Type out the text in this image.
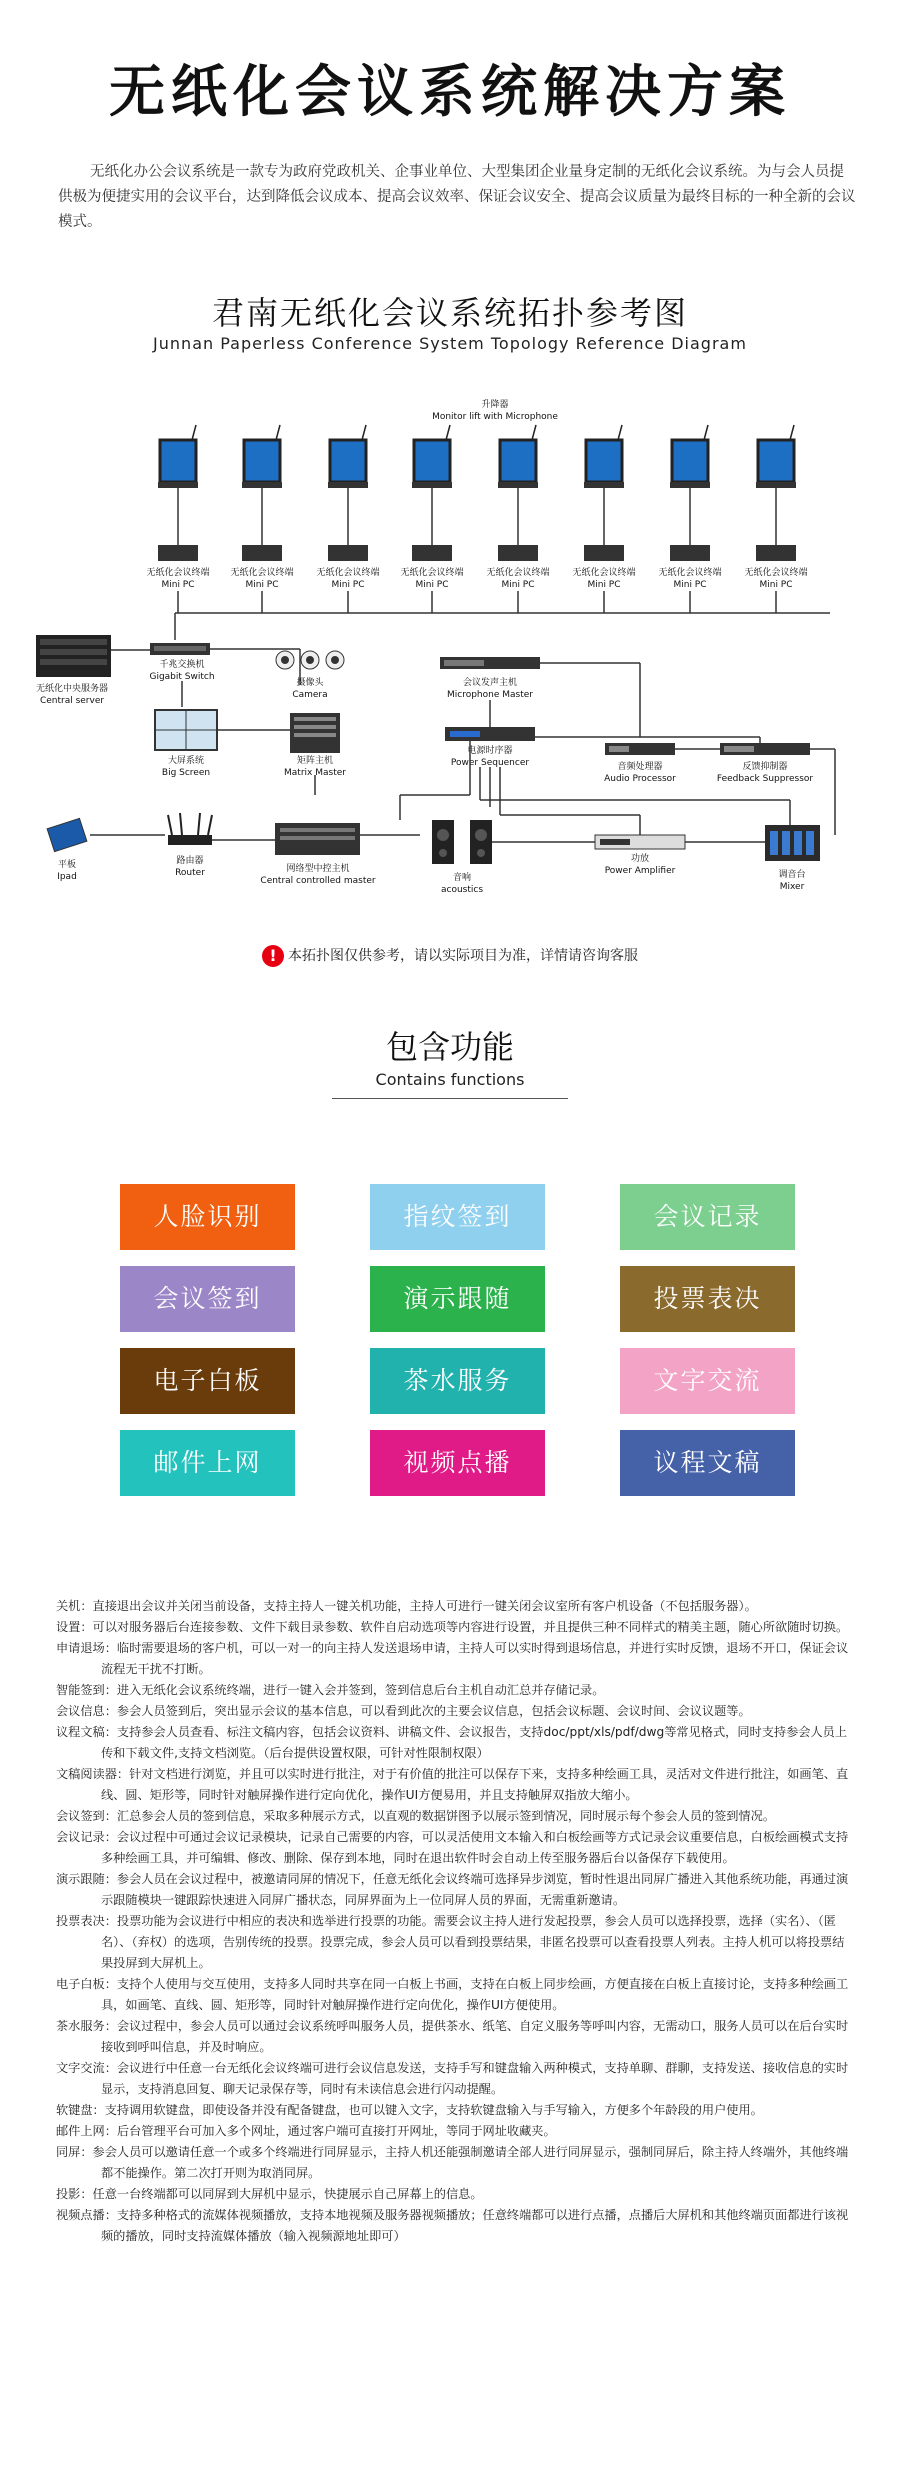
无纸化会议系统解决方案
无纸化办公会议系统是一款专为政府党政机关、企事业单位、大型集团企业量身定制的无纸化会议系统。为与会人员提供极为便捷实用的会议平台，达到降低会议成本、提高会议效率、保证会议安全、提高会议质量为最终目标的一种全新的会议模式。
君南无纸化会议系统拓扑参考图
Junnan Paperless Conference System Topology Reference Diagram
升降器
Monitor lift with Microphone
无纸化会议终端
Mini PC
无纸化会议终端
Mini PC
无纸化会议终端
Mini PC
无纸化会议终端
Mini PC
无纸化会议终端
Mini PC
无纸化会议终端
Mini PC
无纸化会议终端
Mini PC
无纸化会议终端
Mini PC
无纸化中央服务器
Central server
千兆交换机
Gigabit Switch
摄像头
Camera
会议发声主机
Microphone Master
大屏系统
Big Screen
矩阵主机
Matrix Master
电源时序器
Power Sequencer	音频处理器
Audio Processor
反馈抑制器
Feedback Suppressor
平板
Ipad
路由器
Router	网络型中控主机
Central controlled master	音响
acoustics
功放
Power Amplifier	调音台
Mixer
! 本拓扑图仅供参考，请以实际项目为准，详情请咨询客服
包含功能
Contains functions
人脸识别	指纹签到	会议记录
会议签到	演示跟随	投票表决
电子白板	茶水服务	文字交流
邮件上网	视频点播	议程文稿
关机：直接退出会议并关闭当前设备，支持主持人一键关机功能，主持人可进行一键关闭会议室所有客户机设备（不包括服务器）。
设置：可以对服务器后台连接参数、文件下载目录参数、软件自启动选项等内容进行设置，并且提供三种不同样式的精美主题，随心所欲随时切换。
申请退场：临时需要退场的客户机，可以一对一的向主持人发送退场申请，主持人可以实时得到退场信息，并进行实时反馈，退场不开口，保证会议流程无干扰不打断。
智能签到：进入无纸化会议系统终端，进行一键入会并签到，签到信息后台主机自动汇总并存储记录。
会议信息：参会人员签到后，突出显示会议的基本信息，可以看到此次的主要会议信息，包括会议标题、会议时间、会议议题等。
议程文稿：支持参会人员查看、标注文稿内容，包括会议资料、讲稿文件、会议报告，支持doc/ppt/xls/pdf/dwg等常见格式，同时支持参会人员上传和下载文件,支持文档浏览。（后台提供设置权限，可针对性限制权限）
文稿阅读器：针对文档进行浏览，并且可以实时进行批注，对于有价值的批注可以保存下来，支持多种绘画工具，灵活对文件进行批注，如画笔、直线、圆、矩形等，同时针对触屏操作进行定向优化，操作UI方便易用，并且支持触屏双指放大缩小。
会议签到：汇总参会人员的签到信息，采取多种展示方式，以直观的数据饼图予以展示签到情况，同时展示每个参会人员的签到情况。
会议记录：会议过程中可通过会议记录模块，记录自己需要的内容，可以灵活使用文本输入和白板绘画等方式记录会议重要信息，白板绘画模式支持多种绘画工具，并可编辑、修改、删除、保存到本地，同时在退出软件时会自动上传至服务器后台以备保存下载使用。
演示跟随：参会人员在会议过程中，被邀请同屏的情况下，任意无纸化会议终端可选择异步浏览，暂时性退出同屏广播进入其他系统功能，再通过演示跟随模块一键跟踪快速进入同屏广播状态，同屏界面为上一位同屏人员的界面，无需重新邀请。
投票表决：投票功能为会议进行中相应的表决和选举进行投票的功能。需要会议主持人进行发起投票，参会人员可以选择投票，选择（实名）、（匿名）、（弃权）的选项，告别传统的投票。投票完成，参会人员可以看到投票结果，非匿名投票可以查看投票人列表。主持人机可以将投票结果投屏到大屏机上。
电子白板：支持个人使用与交互使用，支持多人同时共享在同一白板上书画，支持在白板上同步绘画，方便直接在白板上直接讨论，支持多种绘画工具，如画笔、直线、圆、矩形等，同时针对触屏操作进行定向优化，操作UI方便使用。
茶水服务：会议过程中，参会人员可以通过会议系统呼叫服务人员，提供茶水、纸笔、自定义服务等呼叫内容，无需动口，服务人员可以在后台实时接收到呼叫信息，并及时响应。
文字交流：会议进行中任意一台无纸化会议终端可进行会议信息发送，支持手写和键盘输入两种模式，支持单聊、群聊，支持发送、接收信息的实时显示，支持消息回复、聊天记录保存等，同时有未读信息会进行闪动提醒。
软键盘：支持调用软键盘，即使设备并没有配备键盘，也可以键入文字，支持软键盘输入与手写输入，方便多个年龄段的用户使用。
邮件上网：后台管理平台可加入多个网址，通过客户端可直接打开网址，等同于网址收藏夹。
同屏：参会人员可以邀请任意一个或多个终端进行同屏显示，主持人机还能强制邀请全部人进行同屏显示，强制同屏后，除主持人终端外，其他终端都不能操作。第二次打开则为取消同屏。
投影：任意一台终端都可以同屏到大屏机中显示，快捷展示自己屏幕上的信息。
视频点播：支持多种格式的流媒体视频播放，支持本地视频及服务器视频播放；任意终端都可以进行点播，点播后大屏机和其他终端页面都进行该视频的播放，同时支持流媒体播放（输入视频源地址即可）
